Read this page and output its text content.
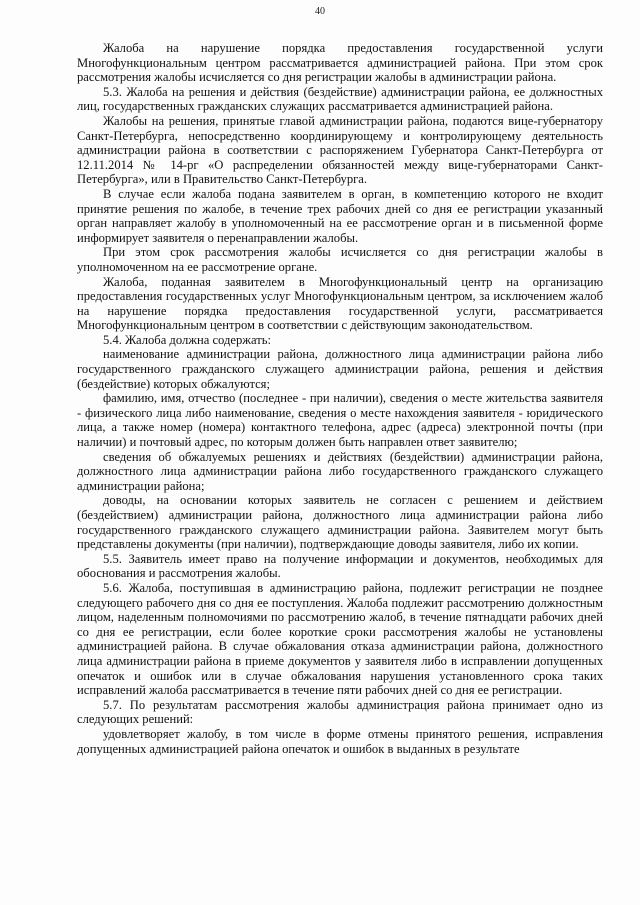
40

Жалоба на нарушение порядка предоставления государственной услуги Многофункциональным центром рассматривается администрацией района. При этом срок рассмотрения жалобы исчисляется со дня регистрации жалобы в администрации района.

5.3. Жалоба на решения и действия (бездействие) администрации района, ее должностных лиц, государственных гражданских служащих рассматривается администрацией района.

Жалобы на решения, принятые главой администрации района, подаются вице-губернатору Санкт-Петербурга, непосредственно координирующему и контролирующему деятельность администрации района в соответствии с распоряжением Губернатора Санкт-Петербурга от 12.11.2014 № 14-рг «О распределении обязанностей между вице-губернаторами Санкт-Петербурга», или в Правительство Санкт-Петербурга.

В случае если жалоба подана заявителем в орган, в компетенцию которого не входит принятие решения по жалобе, в течение трех рабочих дней со дня ее регистрации указанный орган направляет жалобу в уполномоченный на ее рассмотрение орган и в письменной форме информирует заявителя о перенаправлении жалобы.

При этом срок рассмотрения жалобы исчисляется со дня регистрации жалобы в уполномоченном на ее рассмотрение органе.

Жалоба, поданная заявителем в Многофункциональный центр на организацию предоставления государственных услуг Многофункциональным центром, за исключением жалоб на нарушение порядка предоставления государственной услуги, рассматривается Многофункциональным центром в соответствии с действующим законодательством.

5.4. Жалоба должна содержать:

наименование администрации района, должностного лица администрации района либо государственного гражданского служащего администрации района, решения и действия (бездействие) которых обжалуются;

фамилию, имя, отчество (последнее - при наличии), сведения о месте жительства заявителя - физического лица либо наименование, сведения о месте нахождения заявителя - юридического лица, а также номер (номера) контактного телефона, адрес (адреса) электронной почты (при наличии) и почтовый адрес, по которым должен быть направлен ответ заявителю;

сведения об обжалуемых решениях и действиях (бездействии) администрации района, должностного лица администрации района либо государственного гражданского служащего администрации района;

доводы, на основании которых заявитель не согласен с решением и действием (бездействием) администрации района, должностного лица администрации района либо государственного гражданского служащего администрации района. Заявителем могут быть представлены документы (при наличии), подтверждающие доводы заявителя, либо их копии.

5.5. Заявитель имеет право на получение информации и документов, необходимых для обоснования и рассмотрения жалобы.

5.6. Жалоба, поступившая в администрацию района, подлежит регистрации не позднее следующего рабочего дня со дня ее поступления. Жалоба подлежит рассмотрению должностным лицом, наделенным полномочиями по рассмотрению жалоб, в течение пятнадцати рабочих дней со дня ее регистрации, если более короткие сроки рассмотрения жалобы не установлены администрацией района. В случае обжалования отказа администрации района, должностного лица администрации района в приеме документов у заявителя либо в исправлении допущенных опечаток и ошибок или в случае обжалования нарушения установленного срока таких исправлений жалоба рассматривается в течение пяти рабочих дней со дня ее регистрации.

5.7. По результатам рассмотрения жалобы администрация района принимает одно из следующих решений:

удовлетворяет жалобу, в том числе в форме отмены принятого решения, исправления допущенных администрацией района опечаток и ошибок в выданных в результате
